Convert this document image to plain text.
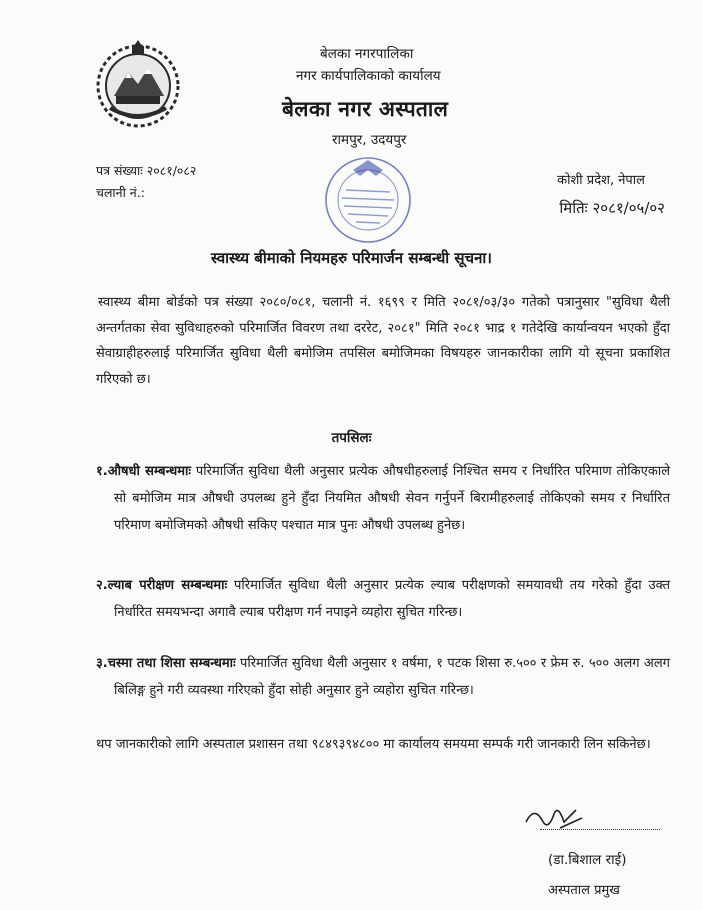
बेलका नगरपालिका
नगर कार्यपालिकाको कार्यालय
बेलका नगर अस्पताल
रामपुर, उदयपुर
पत्र संख्याः २०८१/०८२
चलानी नं.:
कोशी प्रदेश, नेपाल
मितिः २०८१/०५/०२
स्वास्थ्य बीमाको नियमहरु परिमार्जन सम्बन्धी सूचना।
स्वास्थ्य बीमा बोर्डको पत्र संख्या २०८०/०८१, चलानी नं. १६९९ र मिति २०८१/०३/३० गतेको पत्रानुसार "सुविधा थैली अन्तर्गतका सेवा सुविधाहरुको परिमार्जित विवरण तथा दररेट, २०८१" मिति २०८१ भाद्र १ गतेदेखि कार्यान्वयन भएको हुँदा सेवाग्राहीहरुलाई परिमार्जित सुविधा थैली बमोजिम तपसिल बमोजिमका विषयहरु जानकारीका लागि यो सूचना प्रकाशित गरिएको छ।
तपसिलः
१.औषधी सम्बन्धमाः परिमार्जित सुविधा थैली अनुसार प्रत्येक औषधीहरुलाई निश्चित समय र निर्धारित परिमाण तोकिएकाले सो बमोजिम मात्र औषधी उपलब्ध हुने हुँदा नियमित औषधी सेवन गर्नुपर्ने बिरामीहरुलाई तोकिएको समय र निर्धारित परिमाण बमोजिमको औषधी सकिए पश्चात मात्र पुनः औषधी उपलब्ध हुनेछ।
२.ल्याब परीक्षण सम्बन्धमाः परिमार्जित सुविधा थैली अनुसार प्रत्येक ल्याब परीक्षणको समयावधी तय गरेको हुँदा उक्त निर्धारित समयभन्दा अगावै ल्याब परीक्षण गर्न नपाइने व्यहोरा सुचित गरिन्छ।
३.चस्मा तथा शिसा सम्बन्धमाः परिमार्जित सुविधा थैली अनुसार १ वर्षमा, १ पटक शिसा रु.५०० र फ्रेम रु. ५०० अलग अलग बिलिङ्ग हुने गरी व्यवस्था गरिएको हुँदा सोही अनुसार हुने व्यहोरा सुचित गरिन्छ।
थप जानकारीको लागि अस्पताल प्रशासन तथा ९८४९३९४८०० मा कार्यालय समयमा सम्पर्क गरी जानकारी लिन सकिनेछ।
(डा.बिशाल राई)
अस्पताल प्रमुख
